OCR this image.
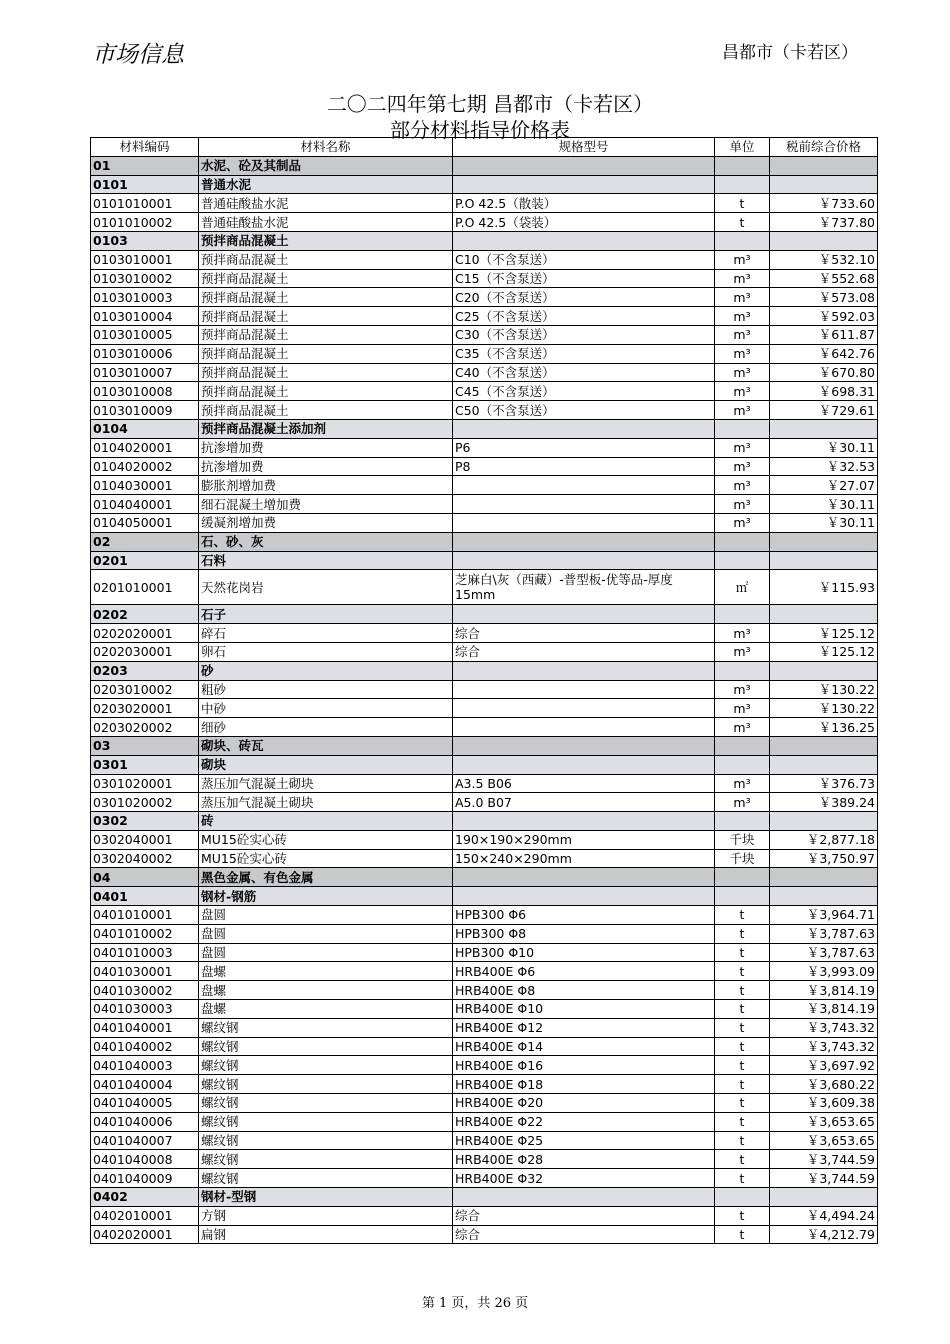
市场信息	昌都市（卡若区）
二〇二四年第七期 昌都市（卡若区）
部分材料指导价格表
材料编码	材料名称	规格型号	单位	税前综合价格
01	水泥、砼及其制品			
0101	普通水泥			
0101010001	普通硅酸盐水泥	P.O 42.5（散装）	t	￥733.60
0101010002	普通硅酸盐水泥	P.O 42.5（袋装）	t	￥737.80
0103	预拌商品混凝土			
0103010001	预拌商品混凝土	C10（不含泵送）	m³	￥532.10
0103010002	预拌商品混凝土	C15（不含泵送）	m³	￥552.68
0103010003	预拌商品混凝土	C20（不含泵送）	m³	￥573.08
0103010004	预拌商品混凝土	C25（不含泵送）	m³	￥592.03
0103010005	预拌商品混凝土	C30（不含泵送）	m³	￥611.87
0103010006	预拌商品混凝土	C35（不含泵送）	m³	￥642.76
0103010007	预拌商品混凝土	C40（不含泵送）	m³	￥670.80
0103010008	预拌商品混凝土	C45（不含泵送）	m³	￥698.31
0103010009	预拌商品混凝土	C50（不含泵送）	m³	￥729.61
0104	预拌商品混凝土添加剂			
0104020001	抗渗增加费	P6	m³	￥30.11
0104020002	抗渗增加费	P8	m³	￥32.53
0104030001	膨胀剂增加费		m³	￥27.07
0104040001	细石混凝土增加费		m³	￥30.11
0104050001	缓凝剂增加费		m³	￥30.11
02	石、砂、灰			
0201	石料			
0201010001	天然花岗岩	芝麻白\灰（西藏）-普型板-优等品-厚度15mm	㎡	￥115.93
0202	石子			
0202020001	碎石	综合	m³	￥125.12
0202030001	卵石	综合	m³	￥125.12
0203	砂			
0203010002	粗砂		m³	￥130.22
0203020001	中砂		m³	￥130.22
0203020002	细砂		m³	￥136.25
03	砌块、砖瓦			
0301	砌块			
0301020001	蒸压加气混凝土砌块	A3.5 B06	m³	￥376.73
0301020002	蒸压加气混凝土砌块	A5.0 B07	m³	￥389.24
0302	砖			
0302040001	MU15砼实心砖	190×190×290mm	千块	￥2,877.18
0302040002	MU15砼实心砖	150×240×290mm	千块	￥3,750.97
04	黑色金属、有色金属			
0401	钢材-钢筋			
0401010001	盘圆	HPB300 Φ6	t	￥3,964.71
0401010002	盘圆	HPB300 Φ8	t	￥3,787.63
0401010003	盘圆	HPB300 Φ10	t	￥3,787.63
0401030001	盘螺	HRB400E Φ6	t	￥3,993.09
0401030002	盘螺	HRB400E Φ8	t	￥3,814.19
0401030003	盘螺	HRB400E Φ10	t	￥3,814.19
0401040001	螺纹钢	HRB400E Φ12	t	￥3,743.32
0401040002	螺纹钢	HRB400E Φ14	t	￥3,743.32
0401040003	螺纹钢	HRB400E Φ16	t	￥3,697.92
0401040004	螺纹钢	HRB400E Φ18	t	￥3,680.22
0401040005	螺纹钢	HRB400E Φ20	t	￥3,609.38
0401040006	螺纹钢	HRB400E Φ22	t	￥3,653.65
0401040007	螺纹钢	HRB400E Φ25	t	￥3,653.65
0401040008	螺纹钢	HRB400E Φ28	t	￥3,744.59
0401040009	螺纹钢	HRB400E Φ32	t	￥3,744.59
0402	钢材-型钢			
0402010001	方钢	综合	t	￥4,494.24
0402020001	扁钢	综合	t	￥4,212.79
第 1 页，共 26 页
